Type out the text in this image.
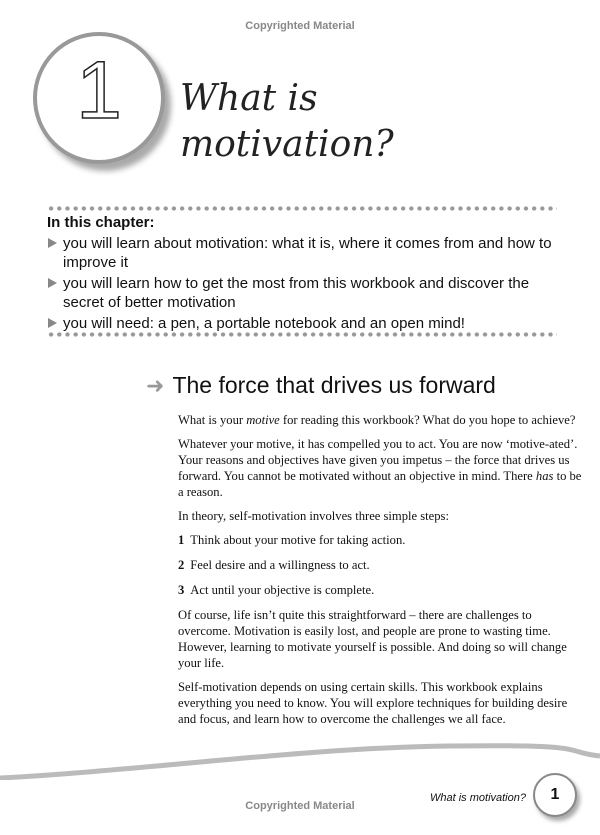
Copyrighted Material
1	What is
motivation?
In this chapter:
you will learn about motivation: what it is, where it comes from and how to improve it
you will learn how to get the most from this workbook and discover the secret of better motivation
you will need: a pen, a portable notebook and an open mind!
➜ The force that drives us forward

What is your motive for reading this workbook? What do you hope to achieve?

Whatever your motive, it has compelled you to act. You are now ‘motive-ated’. Your reasons and objectives have given you impetus – the force that drives us forward. You cannot be motivated without an objective in mind. There has to be a reason.

In theory, self-motivation involves three simple steps:

1 Think about your motive for taking action.

2 Feel desire and a willingness to act.

3 Act until your objective is complete.

Of course, life isn’t quite this straightforward – there are challenges to overcome. Motivation is easily lost, and people are prone to wasting time. However, learning to motivate yourself is possible. And doing so will change your life.

Self-motivation depends on using certain skills. This workbook explains everything you need to know. You will explore techniques for building desire and focus, and learn how to overcome the challenges we all face.

Copyrighted Material
What is motivation?	1
